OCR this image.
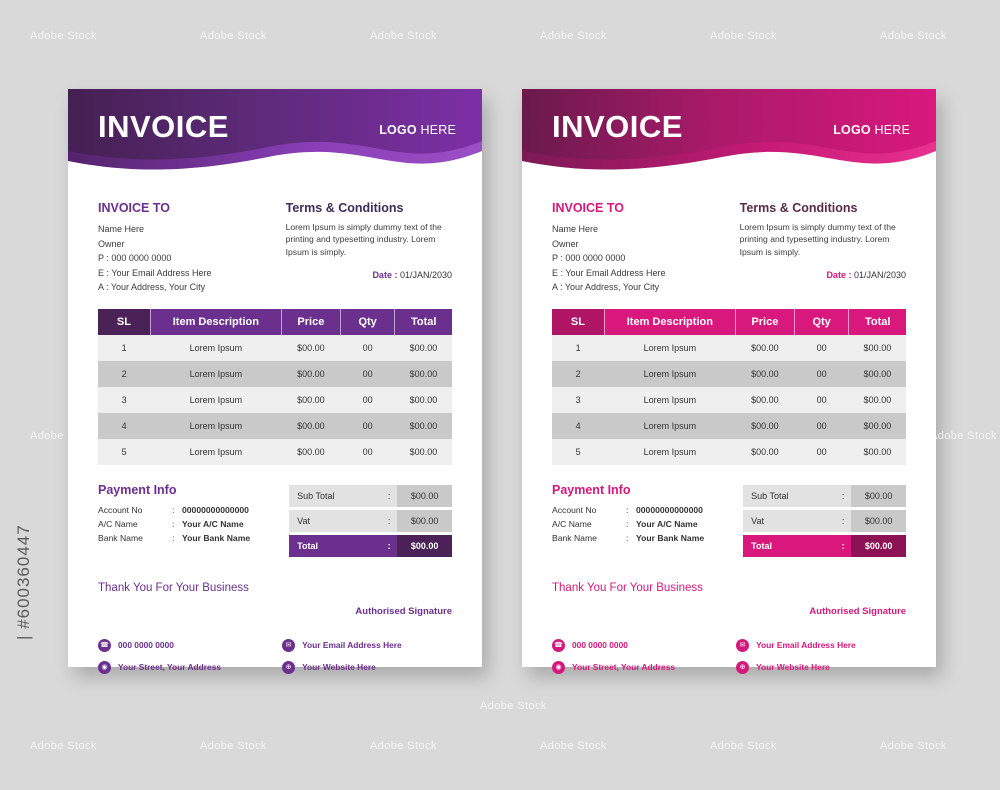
INVOICE	LOGO HERE
INVOICE TO
Name Here
Owner
P : 000 0000 0000
E : Your Email Address Here
A : Your Address, Your City
Terms & Conditions
Lorem Ipsum is simply dummy text of the printing and typesetting industry. Lorem Ipsum is simply.
Date : 01/JAN/2030
SL	Item Description	Price	Qty	Total
1	Lorem Ipsum	$00.00	00	$00.00
2	Lorem Ipsum	$00.00	00	$00.00
3	Lorem Ipsum	$00.00	00	$00.00
4	Lorem Ipsum	$00.00	00	$00.00
5	Lorem Ipsum	$00.00	00	$00.00
Payment Info
Account No	: 00000000000000
A/C Name	: Your A/C Name
Bank Name	: Your Bank Name
Sub Total	:	$00.00
Vat	:	$00.00
Total	:	$00.00
Thank You For Your Business
Authorised Signature
☎ 000 0000 0000
◉	Your Street, Your Address
✉	Your Email Address Here
⊕	Your Website Here
INVOICE	LOGO HERE
INVOICE TO
Name Here
Owner
P : 000 0000 0000
E : Your Email Address Here
A : Your Address, Your City
Terms & Conditions
Lorem Ipsum is simply dummy text of the printing and typesetting industry. Lorem Ipsum is simply.
Date : 01/JAN/2030
SL	Item Description	Price	Qty	Total
1	Lorem Ipsum	$00.00	00	$00.00
2	Lorem Ipsum	$00.00	00	$00.00
3	Lorem Ipsum	$00.00	00	$00.00
4	Lorem Ipsum	$00.00	00	$00.00
5	Lorem Ipsum	$00.00	00	$00.00
Payment Info
Account No	: 00000000000000
A/C Name	: Your A/C Name
Bank Name	: Your Bank Name
Sub Total	:	$00.00
Vat	:	$00.00
Total	:	$00.00
Thank You For Your Business
Authorised Signature
☎ 000 0000 0000
◉	Your Street, Your Address
✉	Your Email Address Here
⊕	Your Website Here
Adobe Stock	Adobe Stock	Adobe Stock	Adobe Stock	Adobe Stock	Adobe Stock
Adobe Stock	Adobe Stock	Adobe Stock	Adobe Stock	Adobe Stock	Adobe Stock
Adobe Stock
Adobe Stock
Adobe Stock
| #600360447
